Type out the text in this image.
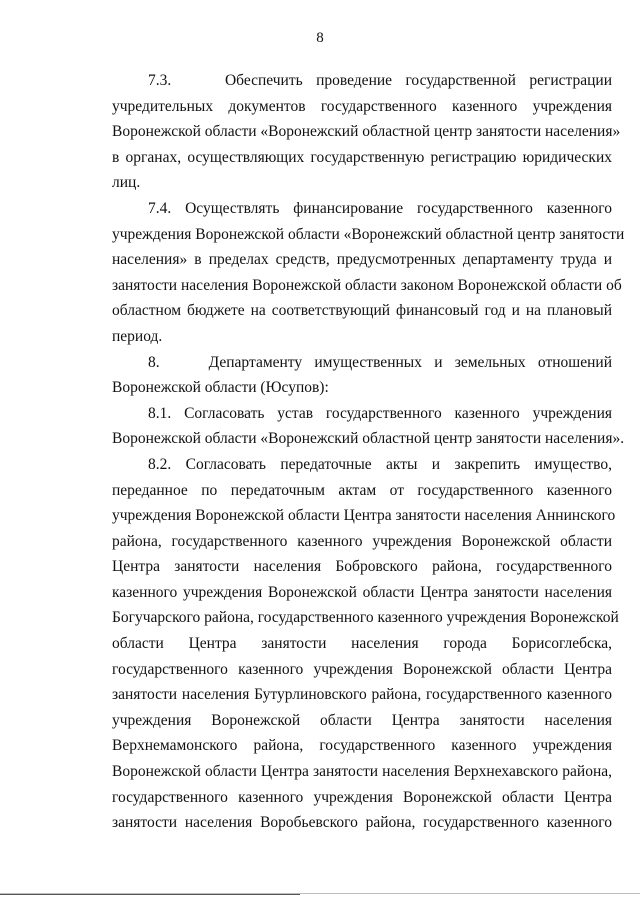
8
7.3.    Обеспечить проведение государственной регистрации
учредительных документов государственного казенного учреждения
Воронежской области «Воронежский областной центр занятости населения»
в органах, осуществляющих государственную регистрацию юридических
лиц.
7.4. Осуществлять финансирование государственного казенного
учреждения Воронежской области «Воронежский областной центр занятости
населения» в пределах средств, предусмотренных департаменту труда и
занятости населения Воронежской области законом Воронежской области об
областном бюджете на соответствующий финансовый год и на плановый
период.
8.    Департаменту имущественных и земельных отношений
Воронежской области (Юсупов):
8.1. Согласовать устав государственного казенного учреждения
Воронежской области «Воронежский областной центр занятости населения».
8.2. Согласовать передаточные акты и закрепить имущество,
переданное по передаточным актам от государственного казенного
учреждения Воронежской области Центра занятости населения Аннинского
района, государственного казенного учреждения Воронежской области
Центра занятости населения Бобровского района, государственного
казенного учреждения Воронежской области Центра занятости населения
Богучарского района, государственного казенного учреждения Воронежской
области Центра занятости населения города Борисоглебска,
государственного казенного учреждения Воронежской области Центра
занятости населения Бутурлиновского района, государственного казенного
учреждения Воронежской области Центра занятости населения
Верхнемамонского района, государственного казенного учреждения
Воронежской области Центра занятости населения Верхнехавского района,
государственного казенного учреждения Воронежской области Центра
занятости населения Воробьевского района, государственного казенного
